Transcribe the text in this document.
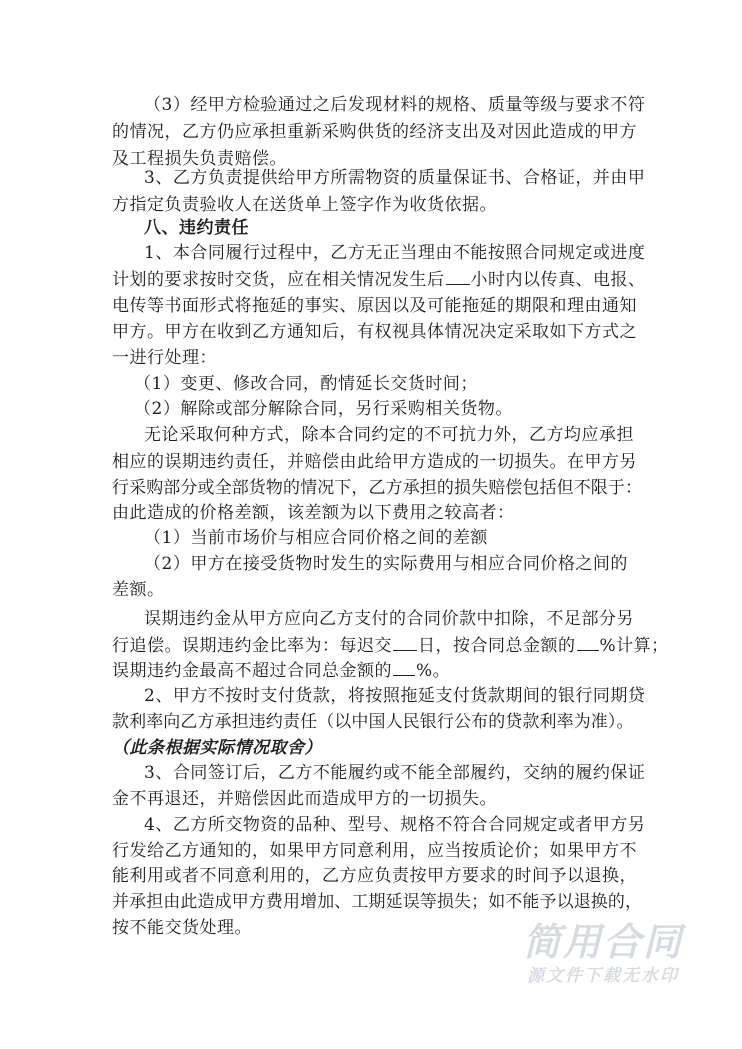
（3）经甲方检验通过之后发现材料的规格、质量等级与要求不符
的情况，乙方仍应承担重新采购供货的经济支出及对因此造成的甲方
及工程损失负责赔偿。
3、乙方负责提供给甲方所需物资的质量保证书、合格证，并由甲
方指定负责验收人在送货单上签字作为收货依据。
八、违约责任
1、本合同履行过程中，乙方无正当理由不能按照合同规定或进度
计划的要求按时交货，应在相关情况发生后 小时内以传真、电报、
电传等书面形式将拖延的事实、原因以及可能拖延的期限和理由通知
甲方。甲方在收到乙方通知后，有权视具体情况决定采取如下方式之
一进行处理：
（1）变更、修改合同，酌情延长交货时间；
（2）解除或部分解除合同，另行采购相关货物。
无论采取何种方式，除本合同约定的不可抗力外，乙方均应承担
相应的误期违约责任，并赔偿由此给甲方造成的一切损失。在甲方另
行采购部分或全部货物的情况下，乙方承担的损失赔偿包括但不限于：
由此造成的价格差额，该差额为以下费用之较高者：
（1）当前市场价与相应合同价格之间的差额
（2）甲方在接受货物时发生的实际费用与相应合同价格之间的
差额。
误期违约金从甲方应向乙方支付的合同价款中扣除，不足部分另
行追偿。误期违约金比率为：每迟交 日，按合同总金额的 %计算；
误期违约金最高不超过合同总金额的 %。
2、甲方不按时支付货款，将按照拖延支付货款期间的银行同期贷
款利率向乙方承担违约责任（以中国人民银行公布的贷款利率为准）。
（此条根据实际情况取舍）
3、合同签订后，乙方不能履约或不能全部履约，交纳的履约保证
金不再退还，并赔偿因此而造成甲方的一切损失。
4、乙方所交物资的品种、型号、规格不符合合同规定或者甲方另
行发给乙方通知的，如果甲方同意利用，应当按质论价；如果甲方不
能利用或者不同意利用的，乙方应负责按甲方要求的时间予以退换，
并承担由此造成甲方费用增加、工期延误等损失；如不能予以退换的，
按不能交货处理。	简用合同
源文件下载无水印
